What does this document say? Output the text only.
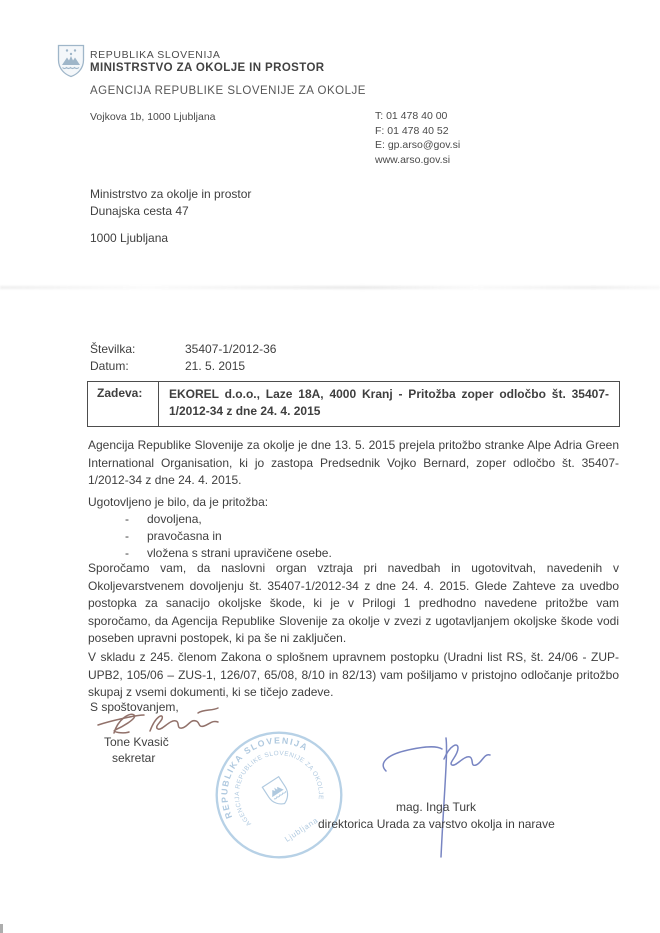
REPUBLIKA SLOVENIJA
MINISTRSTVO ZA OKOLJE IN PROSTOR
AGENCIJA REPUBLIKE SLOVENIJE ZA OKOLJE
Vojkova 1b, 1000 Ljubljana	T: 01 478 40 00
F: 01 478 40 52
E: gp.arso@gov.si
www.arso.gov.si
Ministrstvo za okolje in prostor
Dunajska cesta 47
1000 Ljubljana
Številka:	35407-1/2012-36
Datum:	21. 5. 2015
Zadeva:	EKOREL d.o.o., Laze 18A, 4000 Kranj - Pritožba zoper odločbo št. 35407-1/2012-34 z dne 24. 4. 2015
Agencija Republike Slovenije za okolje je dne 13. 5. 2015 prejela pritožbo stranke Alpe Adria Green International Organisation, ki jo zastopa Predsednik Vojko Bernard, zoper odločbo št. 35407-1/2012-34 z dne 24. 4. 2015.
Ugotovljeno je bilo, da je pritožba:
- dovoljena,
- pravočasna in
- vložena s strani upravičene osebe.
Sporočamo vam, da naslovni organ vztraja pri navedbah in ugotovitvah, navedenih v Okoljevarstvenem dovoljenju št. 35407-1/2012-34 z dne 24. 4. 2015. Glede Zahteve za uvedbo postopka za sanacijo okoljske škode, ki je v Prilogi 1 predhodno navedene pritožbe vam sporočamo, da Agencija Republike Slovenije za okolje v zvezi z ugotavljanjem okoljske škode vodi poseben upravni postopek, ki pa še ni zaključen.
V skladu z 245. členom Zakona o splošnem upravnem postopku (Uradni list RS, št. 24/06 - ZUP-UPB2, 105/06 – ZUS-1, 126/07, 65/08, 8/10 in 82/13) vam pošiljamo v pristojno odločanje pritožbo skupaj z vsemi dokumenti, ki se tičejo zadeve.
S spoštovanjem,
Tone Kvasič
sekretar
REPUBLIKA SLOVENIJA
AGENCIJA REPUBLIKE SLOVENIJE ZA OKOLJE
Ljubljana
mag. Inga Turk
direktorica Urada za varstvo okolja in narave
